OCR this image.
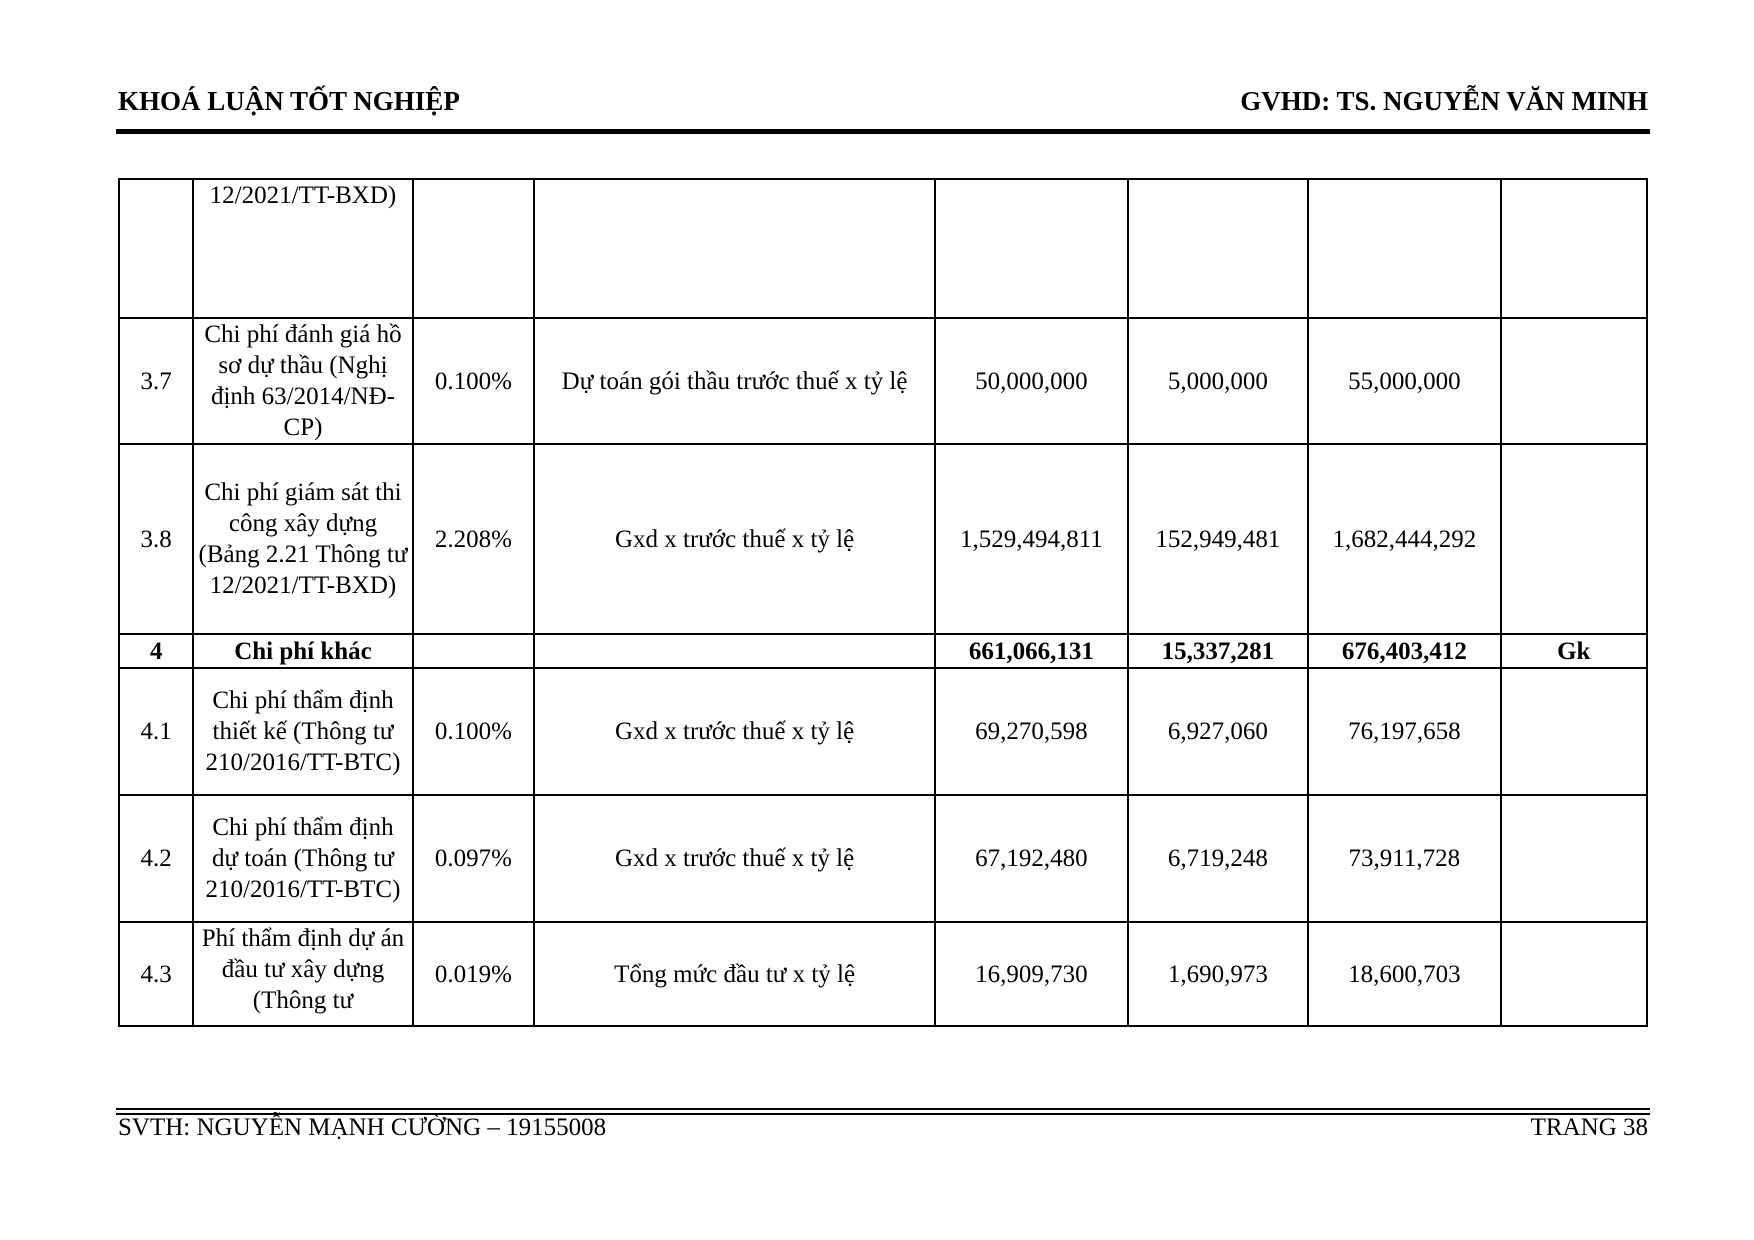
KHOÁ LUẬN TỐT NGHIỆP	GVHD: TS. NGUYỄN VĂN MINH
	12/2021/TT-BXD)						
3.7	Chi phí đánh giá hồ sơ dự thầu (Nghị định 63/2014/NĐ-CP)	0.100%	Dự toán gói thầu trước thuế x tỷ lệ	50,000,000	5,000,000	55,000,000	
3.8	Chi phí giám sát thi công xây dựng (Bảng 2.21 Thông tư 12/2021/TT-BXD)	2.208%	Gxd x trước thuế x tỷ lệ	1,529,494,811	152,949,481	1,682,444,292	
4	Chi phí khác			661,066,131	15,337,281	676,403,412	Gk
4.1	Chi phí thẩm định thiết kế (Thông tư 210/2016/TT-BTC)	0.100%	Gxd x trước thuế x tỷ lệ	69,270,598	6,927,060	76,197,658	
4.2	Chi phí thẩm định dự toán (Thông tư 210/2016/TT-BTC)	0.097%	Gxd x trước thuế x tỷ lệ	67,192,480	6,719,248	73,911,728	
4.3	Phí thẩm định dự án đầu tư xây dựng (Thông tư	0.019%	Tổng mức đầu tư x tỷ lệ	16,909,730	1,690,973	18,600,703	
SVTH: NGUYỄN MẠNH CƯỜNG – 19155008	TRANG 38
